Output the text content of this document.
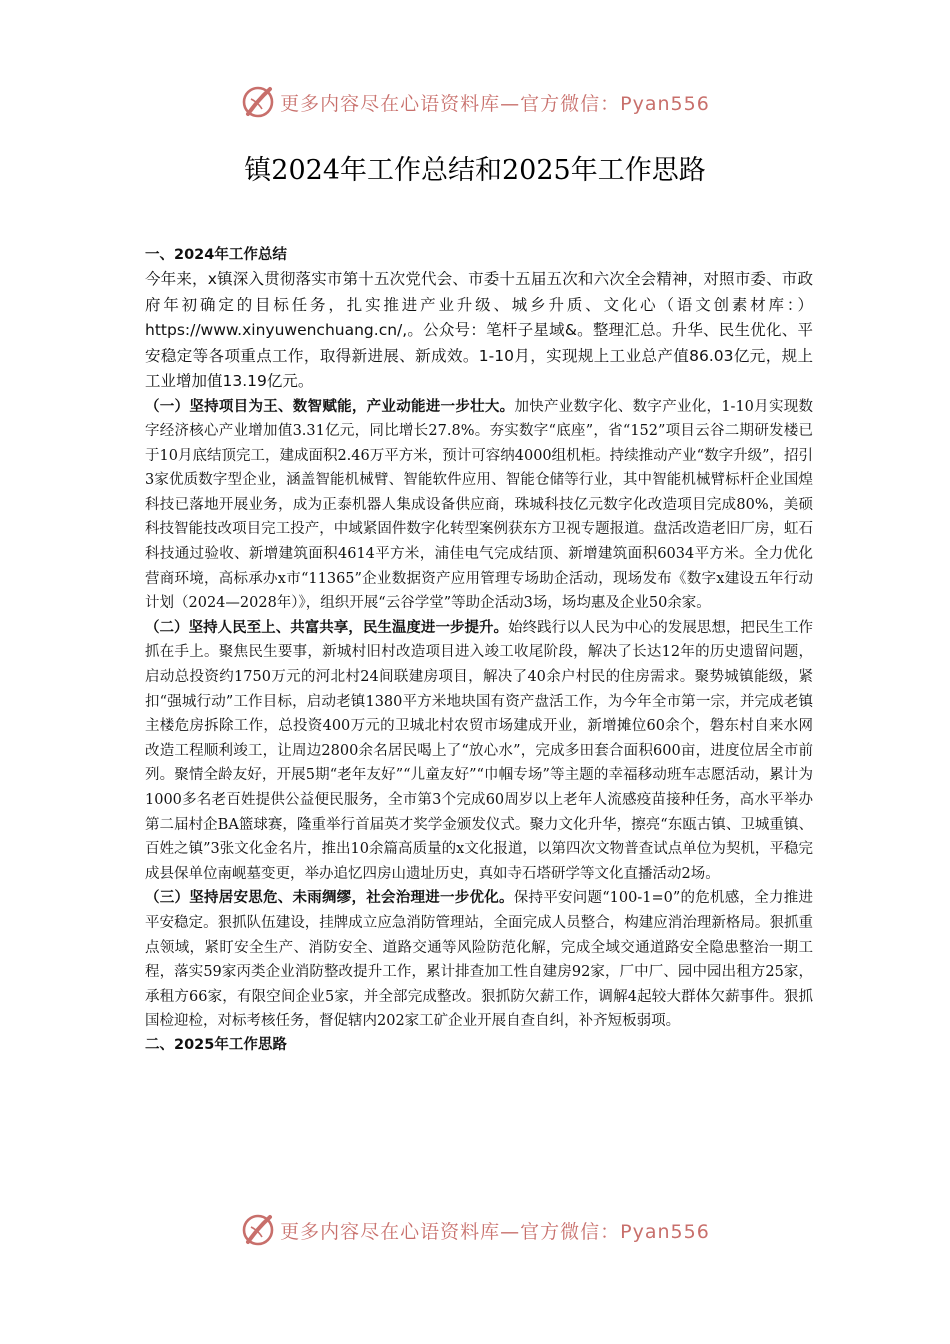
更多内容尽在心语资料库—官方微信：Pyan556
镇2024年工作总结和2025年工作思路

一、2024年工作总结

今年来，x镇深入贯彻落实市第十五次党代会、市委十五届五次和六次全会精神，对照市委、市政府年初确定的目标任务，扎实推进产业升级、城乡升质、文化心（语文创素材库：）https://www.xinyuwenchuang.cn/,。公众号：笔杆子星域&。整理汇总。升华、民生优化、平安稳定等各项重点工作，取得新进展、新成效。1-10月，实现规上工业总产值86.03亿元，规上工业增加值13.19亿元。

（一）坚持项目为王、数智赋能，产业动能进一步壮大。加快产业数字化、数字产业化，1-10月实现数字经济核心产业增加值3.31亿元，同比增长27.8%。夯实数字“底座”，省“152”项目云谷二期研发楼已于10月底结顶完工，建成面积2.46万平方米，预计可容纳4000组机柜。持续推动产业“数字升级”，招引3家优质数字型企业，涵盖智能机械臂、智能软件应用、智能仓储等行业，其中智能机械臂标杆企业国煌科技已落地开展业务，成为正泰机器人集成设备供应商，珠城科技亿元数字化改造项目完成80%，美硕科技智能技改项目完工投产，中域紧固件数字化转型案例获东方卫视专题报道。盘活改造老旧厂房，虹石科技通过验收、新增建筑面积4614平方米，浦佳电气完成结顶、新增建筑面积6034平方米。全力优化营商环境，高标承办x市“11365”企业数据资产应用管理专场助企活动，现场发布《数字x建设五年行动计划（2024—2028年）》，组织开展“云谷学堂”等助企活动3场，场均惠及企业50余家。

（二）坚持人民至上、共富共享，民生温度进一步提升。始终践行以人民为中心的发展思想，把民生工作抓在手上。聚焦民生要事，新城村旧村改造项目进入竣工收尾阶段，解决了长达12年的历史遗留问题，启动总投资约1750万元的河北村24间联建房项目，解决了40余户村民的住房需求。聚势城镇能级，紧扣“强城行动”工作目标，启动老镇1380平方米地块国有资产盘活工作，为今年全市第一宗，并完成老镇主楼危房拆除工作，总投资400万元的卫城北村农贸市场建成开业，新增摊位60余个，磐东村自来水网改造工程顺利竣工，让周边2800余名居民喝上了“放心水”，完成多田套合面积600亩，进度位居全市前列。聚情全龄友好，开展5期“老年友好”“儿童友好”“巾帼专场”等主题的幸福移动班车志愿活动，累计为1000多名老百姓提供公益便民服务，全市第3个完成60周岁以上老年人流感疫苗接种任务，高水平举办第二届村企BA篮球赛，隆重举行首届英才奖学金颁发仪式。聚力文化升华，擦亮“东瓯古镇、卫城重镇、百姓之镇”3张文化金名片，推出10余篇高质量的x文化报道，以第四次文物普查试点单位为契机，平稳完成县保单位南岘墓变更，举办追忆四房山遗址历史，真如寺石塔研学等文化直播活动2场。

（三）坚持居安思危、未雨绸缪，社会治理进一步优化。保持平安问题“100-1=0”的危机感，全力推进平安稳定。狠抓队伍建设，挂牌成立应急消防管理站，全面完成人员整合，构建应消治理新格局。狠抓重点领域，紧盯安全生产、消防安全、道路交通等风险防范化解，完成全域交通道路安全隐患整治一期工程，落实59家丙类企业消防整改提升工作，累计排查加工性自建房92家，厂中厂、园中园出租方25家，承租方66家，有限空间企业5家，并全部完成整改。狠抓防欠薪工作，调解4起较大群体欠薪事件。狠抓国检迎检，对标考核任务，督促辖内202家工矿企业开展自查自纠，补齐短板弱项。

二、2025年工作思路

更多内容尽在心语资料库—官方微信：Pyan556
